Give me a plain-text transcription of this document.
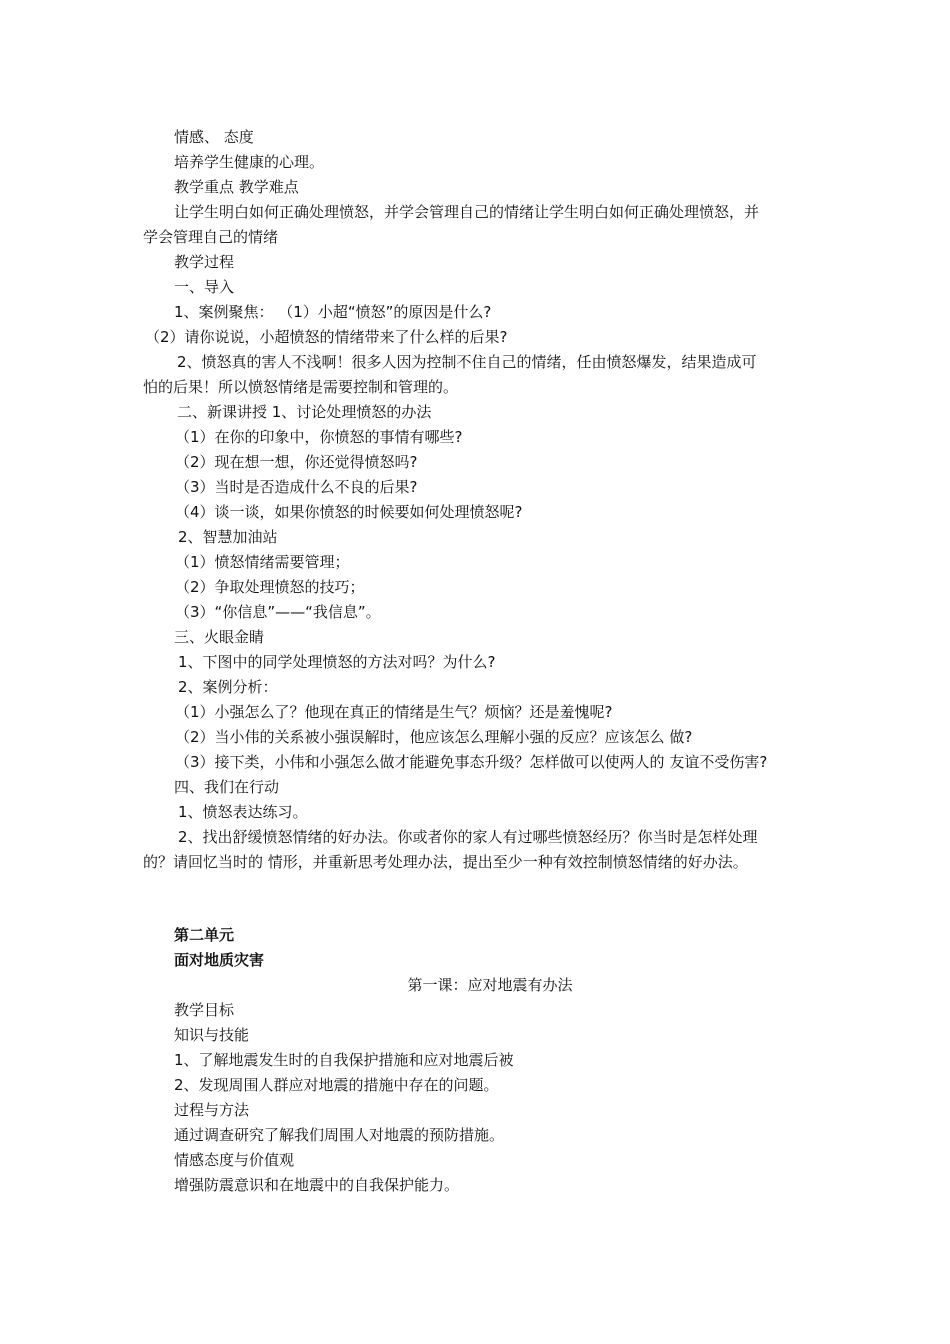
情感、 态度
培养学生健康的心理。
教学重点 教学难点
让学生明白如何正确处理愤怒，并学会管理自己的情绪让学生明白如何正确处理愤怒，并
学会管理自己的情绪
教学过程
一、导入
1、案例聚焦： （1）小超“愤怒”的原因是什么?
（2）请你说说，小超愤怒的情绪带来了什么样的后果?
2、愤怒真的害人不浅啊！很多人因为控制不住自己的情绪，任由愤怒爆发，结果造成可
怕的后果！所以愤怒情绪是需要控制和管理的。
二、新课讲授 1、讨论处理愤怒的办法
（1）在你的印象中，你愤怒的事情有哪些?
（2）现在想一想，你还觉得愤怒吗?
（3）当时是否造成什么不良的后果?
（4）谈一谈，如果你愤怒的时候要如何处理愤怒呢?
2、智慧加油站
（1）愤怒情绪需要管理；
（2）争取处理愤怒的技巧；
（3）“你信息”——“我信息”。
三、火眼金睛
1、下图中的同学处理愤怒的方法对吗？为什么?
2、案例分析：
（1）小强怎么了？他现在真正的情绪是生气？烦恼？还是羞愧呢?
（2）当小伟的关系被小强误解时，他应该怎么理解小强的反应？应该怎么 做?
（3）接下类，小伟和小强怎么做才能避免事态升级？怎样做可以使两人的 友谊不受伤害?
四、我们在行动
1、愤怒表达练习。
2、找出舒缓愤怒情绪的好办法。你或者你的家人有过哪些愤怒经历？你当时是怎样处理
的？请回忆当时的 情形，并重新思考处理办法，提出至少一种有效控制愤怒情绪的好办法。
第二单元
面对地质灾害
第一课：应对地震有办法
教学目标
知识与技能
1、了解地震发生时的自我保护措施和应对地震后被
2、发现周围人群应对地震的措施中存在的问题。
过程与方法
通过调查研究了解我们周围人对地震的预防措施。
情感态度与价值观
增强防震意识和在地震中的自我保护能力。
